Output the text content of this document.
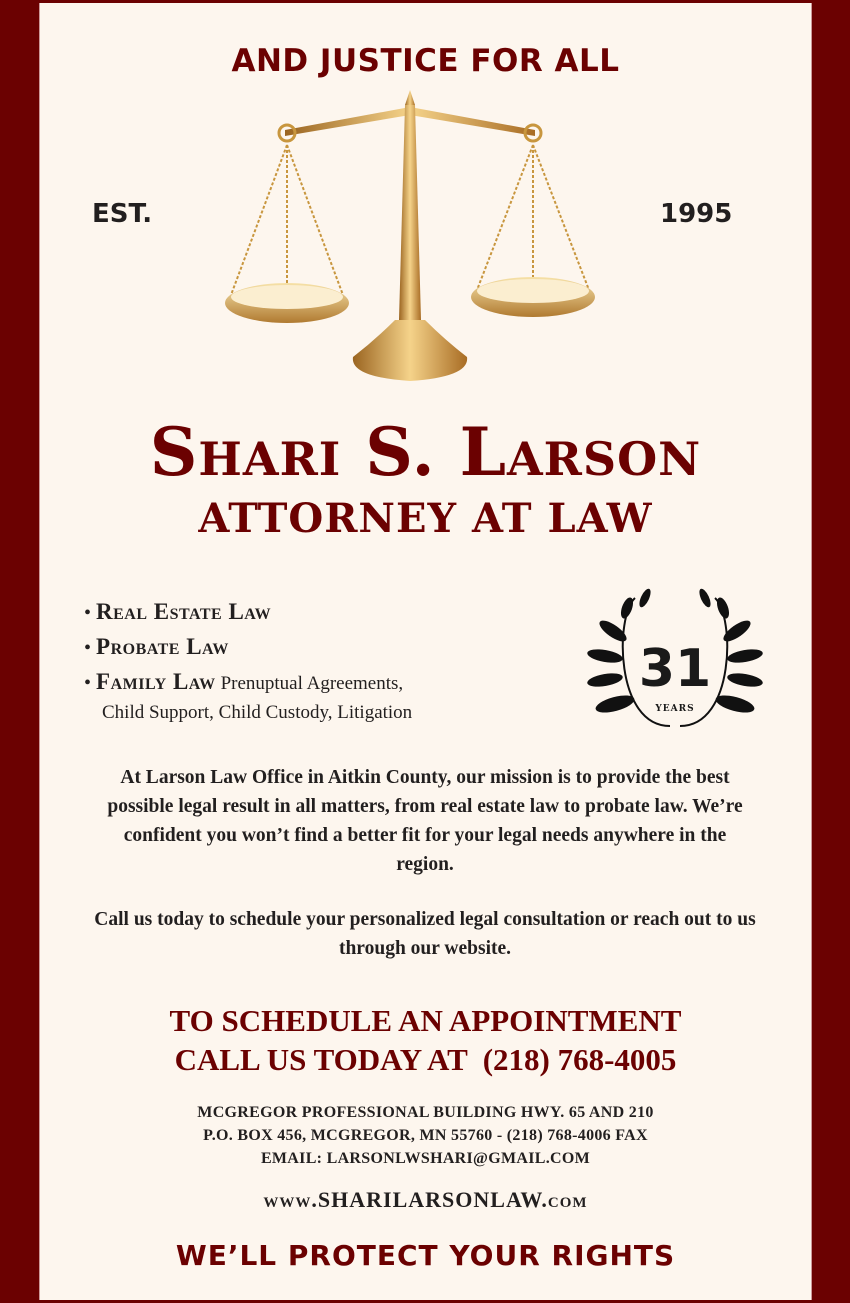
AND JUSTICE FOR ALL
EST.	1995
Shari S. Larson
ATTORNEY AT LAW
• Real Estate Law
• Probate Law
• Family Law Prenuptual Agreements,
Child Support, Child Custody, Litigation
31
YEARS
At Larson Law Office in Aitkin County, our mission is to provide the best possible legal result in all matters, from real estate law to probate law. We’re confident you won’t find a better fit for your legal needs anywhere in the region.
Call us today to schedule your personalized legal consultation or reach out to us through our website.
TO SCHEDULE AN APPOINTMENT
CALL US TODAY AT  (218) 768-4005
MCGREGOR PROFESSIONAL BUILDING HWY. 65 AND 210
P.O. BOX 456, MCGREGOR, MN 55760 - (218) 768-4006 FAX
EMAIL: LARSONLWSHARI@GMAIL.COM
www.SHARILARSONLAW.com
WE’LL PROTECT YOUR RIGHTS
